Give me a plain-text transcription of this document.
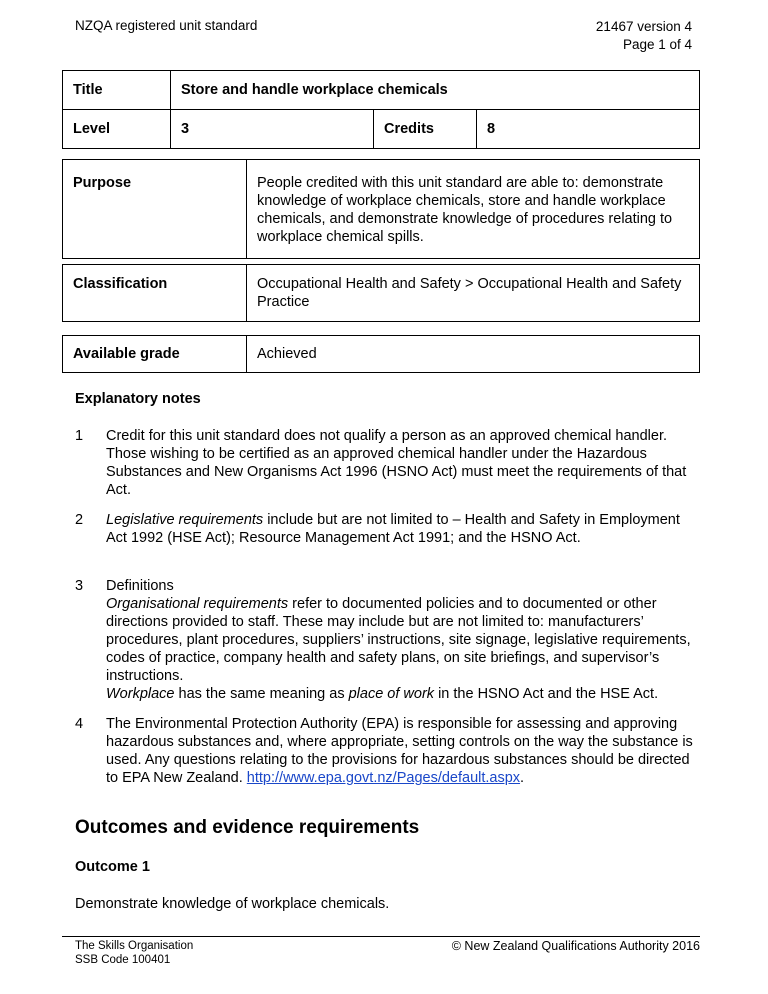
NZQA registered unit standard	21467 version 4
Page 1 of 4
Title	Store and handle workplace chemicals		
Level	3	Credits	8
Purpose	People credited with this unit standard are able to: demonstrate knowledge of workplace chemicals, store and handle workplace chemicals, and demonstrate knowledge of procedures relating to workplace chemical spills.
Classification	Occupational Health and Safety > Occupational Health and Safety Practice
Available grade	Achieved
Explanatory notes
1 Credit for this unit standard does not qualify a person as an approved chemical handler. Those wishing to be certified as an approved chemical handler under the Hazardous Substances and New Organisms Act 1996 (HSNO Act) must meet the requirements of that Act.
2 Legislative requirements include but are not limited to – Health and Safety in Employment Act 1992 (HSE Act); Resource Management Act 1991; and the HSNO Act.
3 Definitions

Organisational requirements refer to documented policies and to documented or other directions provided to staff. These may include but are not limited to: manufacturers’ procedures, plant procedures, suppliers’ instructions, site signage, legislative requirements, codes of practice, company health and safety plans, on site briefings, and supervisor’s instructions.

Workplace has the same meaning as place of work in the HSNO Act and the HSE Act.

4 The Environmental Protection Authority (EPA) is responsible for assessing and approving hazardous substances and, where appropriate, setting controls on the way the substance is used. Any questions relating to the provisions for hazardous substances should be directed to EPA New Zealand. http://www.epa.govt.nz/Pages/default.aspx.
Outcomes and evidence requirements
Outcome 1
Demonstrate knowledge of workplace chemicals.
The Skills Organisation
SSB Code 100401
© New Zealand Qualifications Authority 2016
